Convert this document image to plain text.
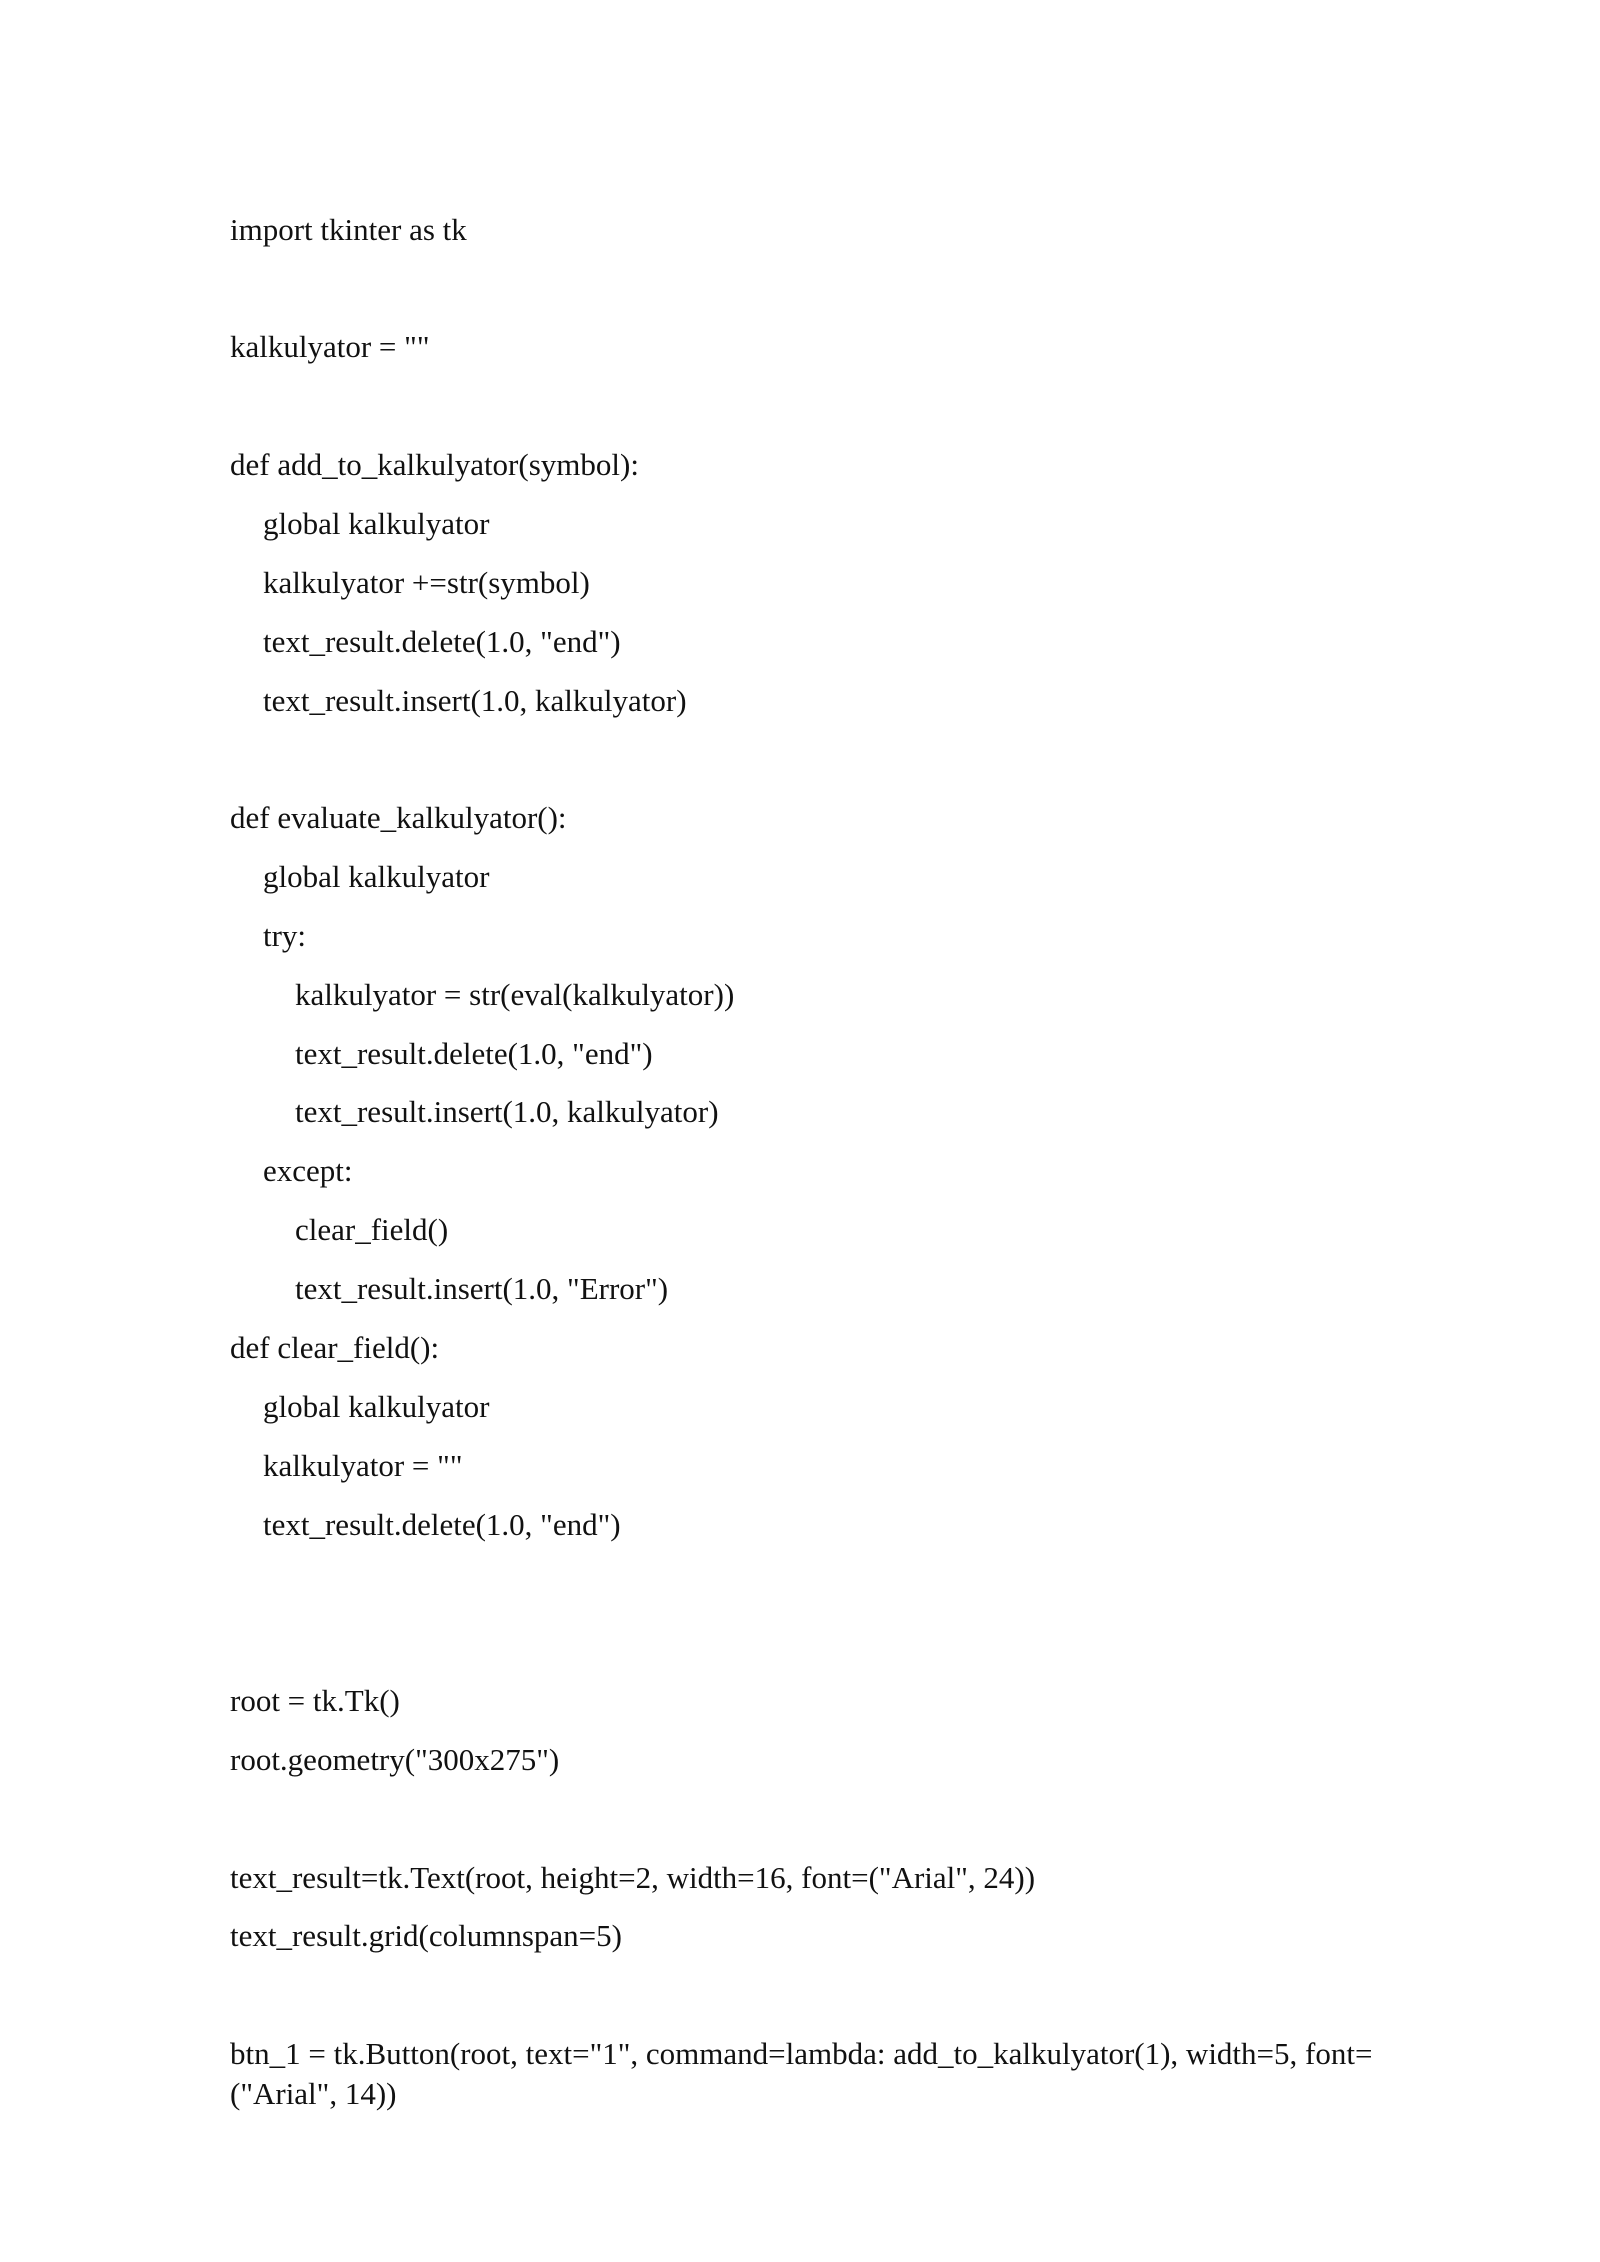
import tkinter as tk
kalkulyator = ""
def add_to_kalkulyator(symbol):
global kalkulyator
kalkulyator +=str(symbol)
text_result.delete(1.0, "end")
text_result.insert(1.0, kalkulyator)
def evaluate_kalkulyator():
global kalkulyator
try:
kalkulyator = str(eval(kalkulyator))
text_result.delete(1.0, "end")
text_result.insert(1.0, kalkulyator)
except:
clear_field()
text_result.insert(1.0, "Error")
def clear_field():
global kalkulyator
kalkulyator = ""
text_result.delete(1.0, "end")
root = tk.Tk()
root.geometry("300x275")
text_result=tk.Text(root, height=2, width=16, font=("Arial", 24))
text_result.grid(columnspan=5)
btn_1 = tk.Button(root, text="1", command=lambda: add_to_kalkulyator(1), width=5, font=("Arial", 14))
